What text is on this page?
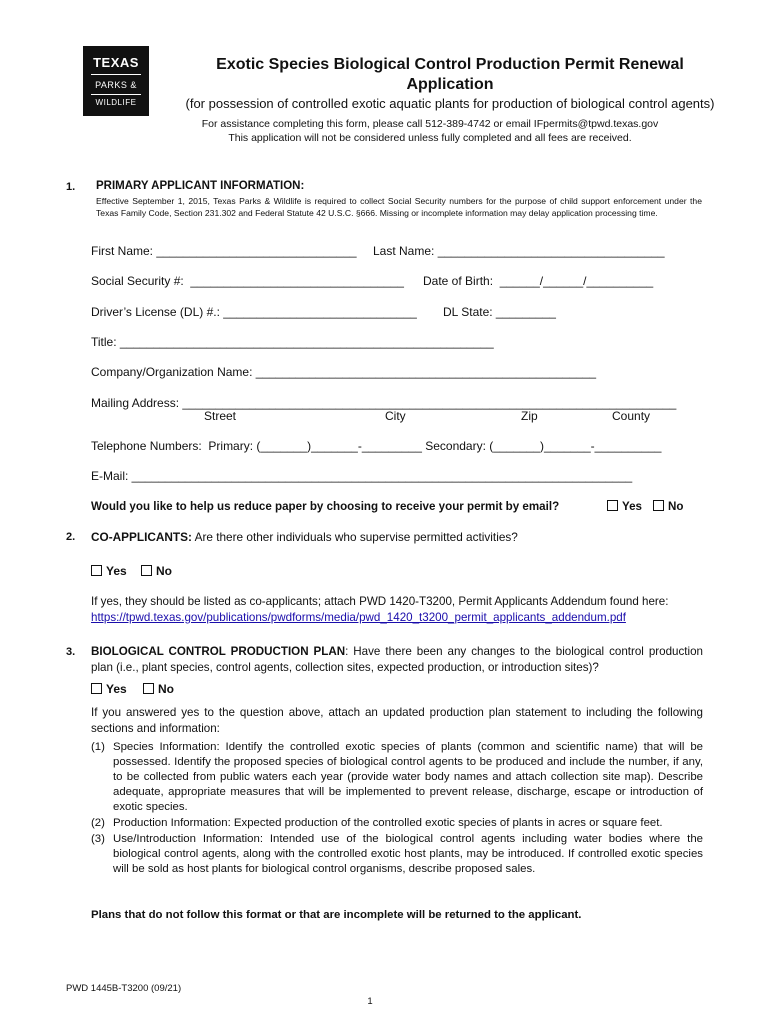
TEXAS
PARKS &
WILDLIFE
Exotic Species Biological Control Production Permit Renewal
Application
(for possession of controlled exotic aquatic plants for production of biological control agents)
For assistance completing this form, please call 512-389-4742 or email IFpermits@tpwd.texas.gov
This application will not be considered unless fully completed and all fees are received.
1. PRIMARY APPLICANT INFORMATION:
Effective September 1, 2015, Texas Parks & Wildlife is required to collect Social Security numbers for the purpose of child support enforcement under the Texas Family Code, Section 231.302 and Federal Statute 42 U.S.C. §666. Missing or incomplete information may delay application processing time.
First Name: ______________________________ Last Name: __________________________________
Social Security #:  ________________________________ Date of Birth:  ______/______/__________
Driver’s License (DL) #.: _____________________________ DL State: _________
Title: ________________________________________________________
Company/Organization Name: ___________________________________________________
Mailing Address: __________________________________________________________________________
Street	City	Zip	County
Telephone Numbers:  Primary: (_______)_______-_________ Secondary: (_______)_______-__________
E-Mail: ___________________________________________________________________________
Would you like to help us reduce paper by choosing to receive your permit by email?	Yes	No
2. CO-APPLICANTS: Are there other individuals who supervise permitted activities?
Yes	No
If yes, they should be listed as co-applicants; attach PWD 1420-T3200, Permit Applicants Addendum found here: https://tpwd.texas.gov/publications/pwdforms/media/pwd_1420_t3200_permit_applicants_addendum.pdf
3. BIOLOGICAL CONTROL PRODUCTION PLAN: Have there been any changes to the biological control production plan (i.e., plant species, control agents, collection sites, expected production, or introduction sites)?
Yes	No
If you answered yes to the question above, attach an updated production plan statement to including the following sections and information:
(1) Species Information: Identify the controlled exotic species of plants (common and scientific name) that will be possessed. Identify the proposed species of biological control agents to be produced and include the number, if any, to be collected from public waters each year (provide water body names and attach collection site map). Describe adequate, appropriate measures that will be implemented to prevent release, discharge, escape or introduction of exotic species.
(2) Production Information: Expected production of the controlled exotic species of plants in acres or square feet.
(3) Use/Introduction Information: Intended use of the biological control agents including water bodies where the biological control agents, along with the controlled exotic host plants, may be introduced. If controlled exotic species will be sold as host plants for biological control organisms, describe proposed sales.
Plans that do not follow this format or that are incomplete will be returned to the applicant.
PWD 1445B-T3200 (09/21)
1
